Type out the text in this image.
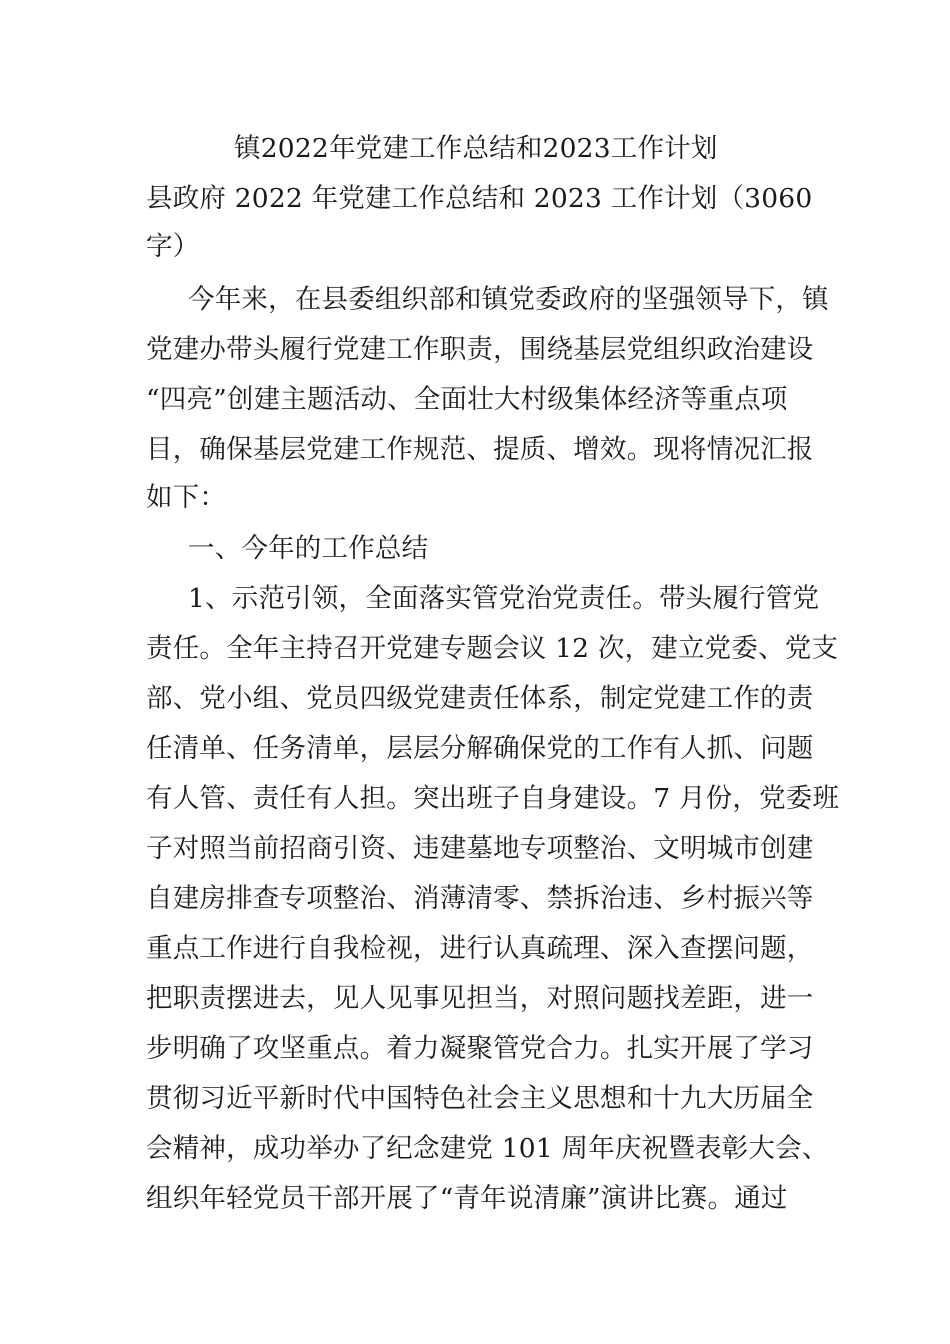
镇2022年党建工作总结和2023工作计划
县政府 2022 年党建工作总结和 2023 工作计划（3060
字）
今年来，在县委组织部和镇党委政府的坚强领导下，镇
党建办带头履行党建工作职责，围绕基层党组织政治建设
“四亮”创建主题活动、全面壮大村级集体经济等重点项
目，确保基层党建工作规范、提质、增效。现将情况汇报
如下：
一、今年的工作总结
1、示范引领，全面落实管党治党责任。带头履行管党
责任。全年主持召开党建专题会议 12 次，建立党委、党支
部、党小组、党员四级党建责任体系，制定党建工作的责
任清单、任务清单，层层分解确保党的工作有人抓、问题
有人管、责任有人担。突出班子自身建设。7 月份，党委班
子对照当前招商引资、违建墓地专项整治、文明城市创建
自建房排查专项整治、消薄清零、禁拆治违、乡村振兴等
重点工作进行自我检视，进行认真疏理、深入查摆问题，
把职责摆进去，见人见事见担当，对照问题找差距，进一
步明确了攻坚重点。着力凝聚管党合力。扎实开展了学习
贯彻习近平新时代中国特色社会主义思想和十九大历届全
会精神，成功举办了纪念建党 101 周年庆祝暨表彰大会、
组织年轻党员干部开展了“青年说清廉”演讲比赛。通过
